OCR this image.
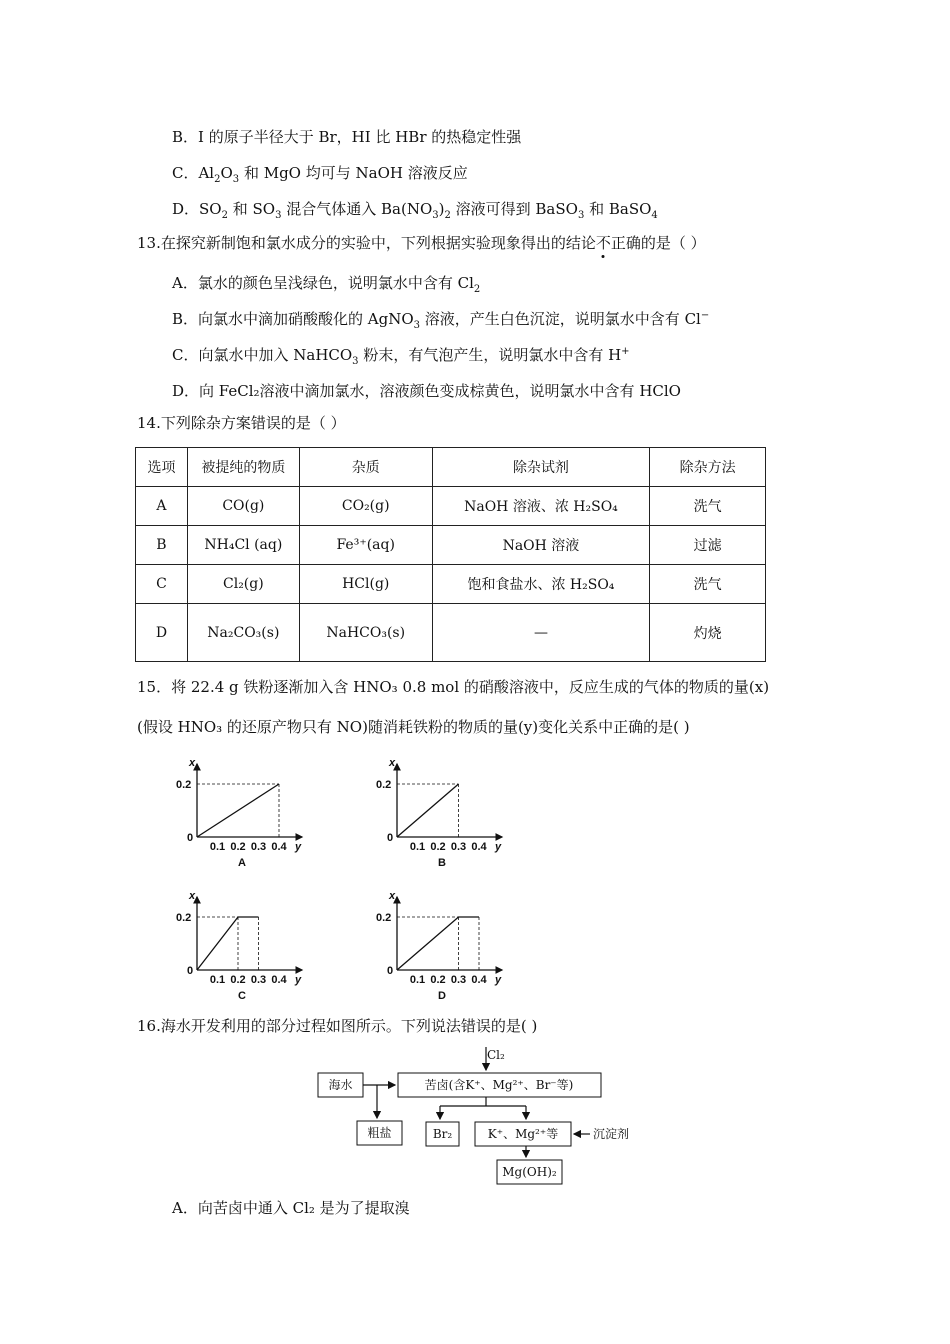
B．I 的原子半径大于 Br，HI 比 HBr 的热稳定性强
C．$Al_2O_3$ 和 MgO 均可与 NaOH 溶液反应
D．$SO_2$ 和 $SO_3$ 混合气体通入 $Ba(NO_3)_2$ 溶液可得到 BaSO$_3$ 和 BaSO$_4$
13.在探究新制饱和氯水成分的实验中，下列根据实验现象得出的结论不正确的是（ ）
A．氯水的颜色呈浅绿色，说明氯水中含有 $Cl_2$
B．向氯水中滴加硝酸酸化的 AgNO$_3$ 溶液，产生白色沉淀，说明氯水中含有 Cl−
C．向氯水中加入 NaHCO$_3$ 粉末，有气泡产生，说明氯水中含有 H+
D．向 FeCl₂溶液中滴加氯水，溶液颜色变成棕黄色，说明氯水中含有 HClO
14.下列除杂方案错误的是（ ）
选项	被提纯的物质	杂质	除杂试剂	除杂方法
A	CO(g)	CO₂(g)	NaOH 溶液、浓 H₂SO₄	洗气
B	NH₄Cl (aq)	Fe³⁺(aq)	NaOH 溶液	过滤
C	Cl₂(g)	HCl(g)	饱和食盐水、浓 H₂SO₄	洗气
D	Na₂CO₃(s)	NaHCO₃(s)	—	灼烧
15．将 22.4 g 铁粉逐渐加入含 HNO₃ 0.8 mol 的硝酸溶液中，反应生成的气体的物质的量(x)
(假设 HNO₃ 的还原产物只有 NO)随消耗铁粉的物质的量(y)变化关系中正确的是( )
x
y
0
0.2
0.1 0.2 0.3 0.4
A
x
y
0
0.2
0.1 0.2 0.3 0.4
B
x
y
0
0.2
0.1 0.2 0.3 0.4
C
x
y
0
0.2
0.1 0.2 0.3 0.4
D
16.海水开发利用的部分过程如图所示。下列说法错误的是( )
Cl₂
海水	苦卤(含K⁺、Mg²⁺、Br⁻等)
粗盐	Br₂	K⁺、Mg²⁺等	沉淀剂
Mg(OH)₂
A．向苦卤中通入 Cl₂ 是为了提取溴
